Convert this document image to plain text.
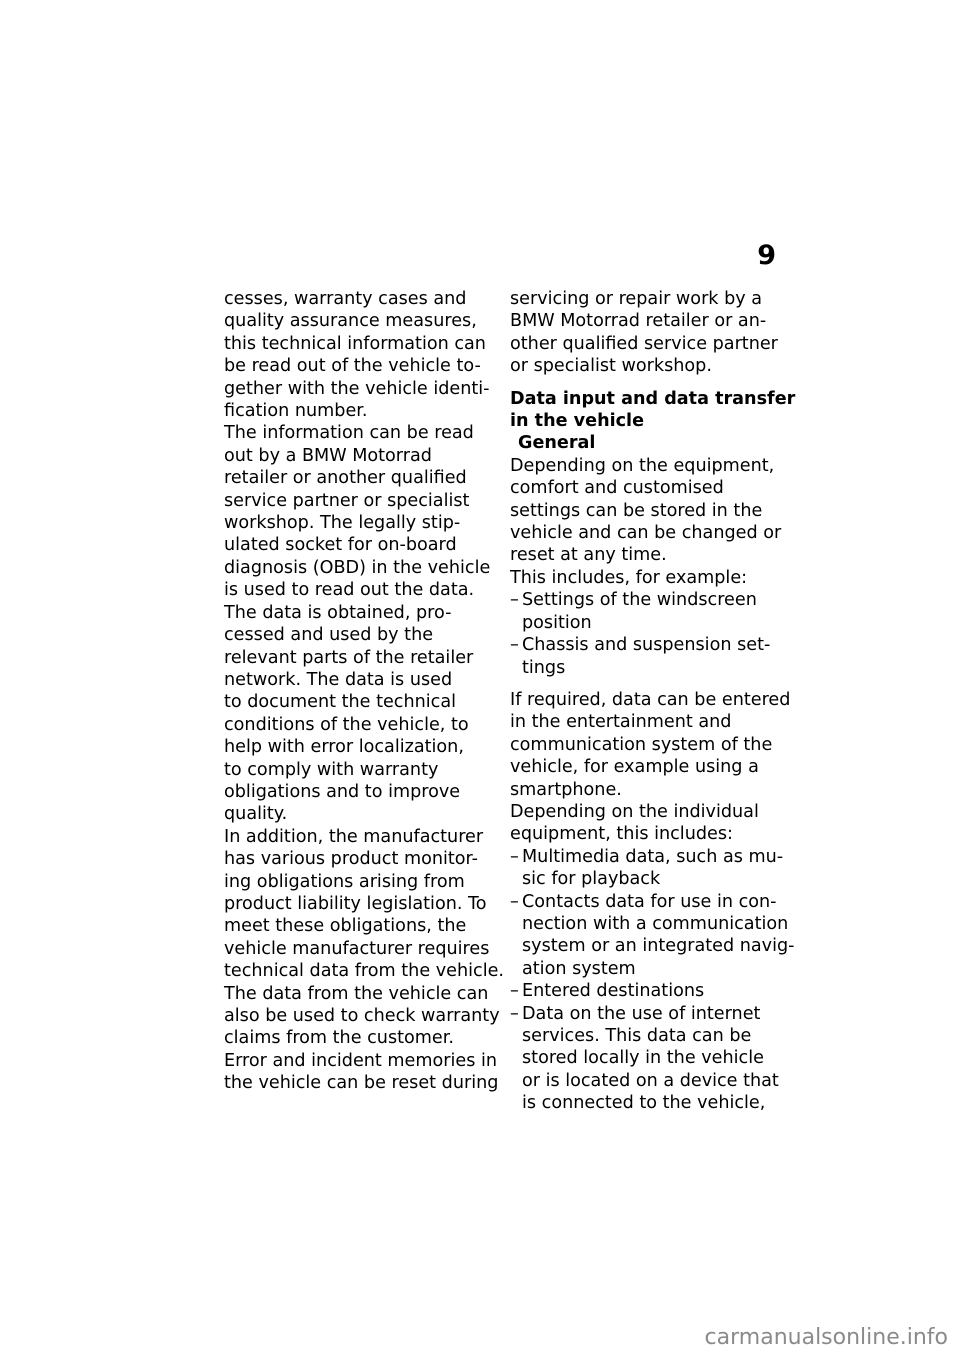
9
cesses, warranty cases and
quality assurance measures,
this technical information can
be read out of the vehicle to-
gether with the vehicle identi-
fication number.
The information can be read
out by a BMW Motorrad
retailer or another qualified
service partner or specialist
workshop. The legally stip-
ulated socket for on-board
diagnosis (OBD) in the vehicle
is used to read out the data.
The data is obtained, pro-
cessed and used by the
relevant parts of the retailer
network. The data is used
to document the technical
conditions of the vehicle, to
help with error localization,
to comply with warranty
obligations and to improve
quality.
In addition, the manufacturer
has various product monitor-
ing obligations arising from
product liability legislation. To
meet these obligations, the
vehicle manufacturer requires
technical data from the vehicle.
The data from the vehicle can
also be used to check warranty
claims from the customer.
Error and incident memories in
the vehicle can be reset during
servicing or repair work by a
BMW Motorrad retailer or an-
other qualified service partner
or specialist workshop.
Data input and data transfer
in the vehicle
General
Depending on the equipment,
comfort and customised
settings can be stored in the
vehicle and can be changed or
reset at any time.
This includes, for example:
– Settings of the windscreen
position
– Chassis and suspension set-
tings
If required, data can be entered
in the entertainment and
communication system of the
vehicle, for example using a
smartphone.
Depending on the individual
equipment, this includes:
– Multimedia data, such as mu-
sic for playback
– Contacts data for use in con-
nection with a communication
system or an integrated navig-
ation system
– Entered destinations
– Data on the use of internet
services. This data can be
stored locally in the vehicle
or is located on a device that
is connected to the vehicle,
carmanualsonline.info
